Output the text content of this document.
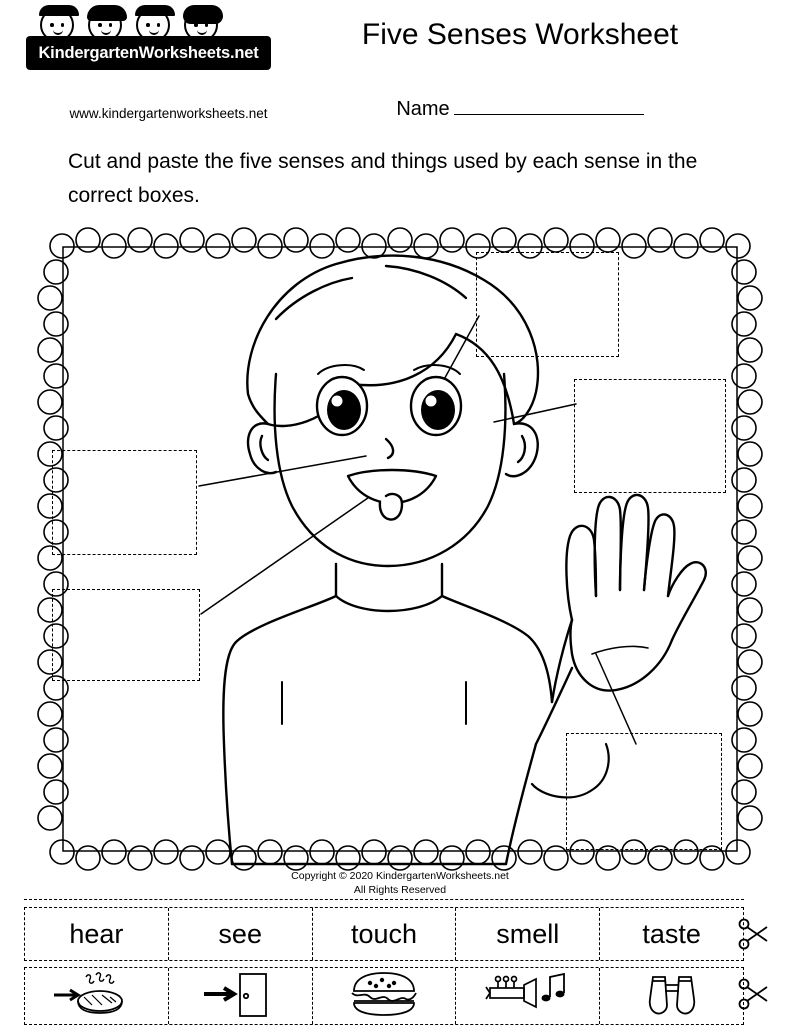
KindergartenWorksheets.net
www.kindergartenworksheets.net
Five Senses Worksheet
Name
Cut and paste the five senses and things used by each sense in the correct boxes.
Copyright © 2020 KindergartenWorksheets.net
All Rights Reserved
hear	see	touch	smell	taste
